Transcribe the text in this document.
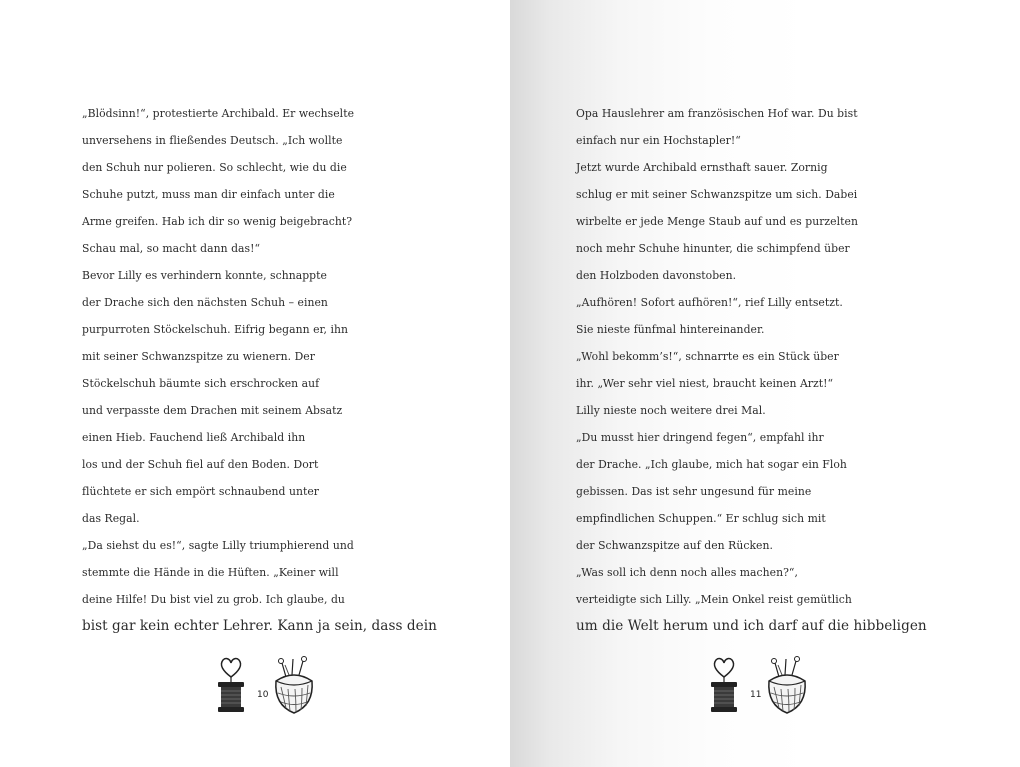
„Blödsinn!“, protestierte Archibald. Er wechselte
unversehens in fließendes Deutsch. „Ich wollte
den Schuh nur polieren. So schlecht, wie du die
Schuhe putzt, muss man dir einfach unter die
Arme greifen. Hab ich dir so wenig beigebracht?
Schau mal, so macht dann das!“
Bevor Lilly es verhindern konnte, schnappte
der Drache sich den nächsten Schuh – einen
purpurroten Stöckelschuh. Eifrig begann er, ihn
mit seiner Schwanzspitze zu wienern. Der
Stöckelschuh bäumte sich erschrocken auf
und verpasste dem Drachen mit seinem Absatz
einen Hieb. Fauchend ließ Archibald ihn
los und der Schuh fiel auf den Boden. Dort
flüchtete er sich empört schnaubend unter
das Regal.
„Da siehst du es!“, sagte Lilly triumphierend und
stemmte die Hände in die Hüften. „Keiner will
deine Hilfe! Du bist viel zu grob. Ich glaube, du
bist gar kein echter Lehrer. Kann ja sein, dass dein
10
Opa Hauslehrer am französischen Hof war. Du bist
einfach nur ein Hochstapler!“
Jetzt wurde Archibald ernsthaft sauer. Zornig
schlug er mit seiner Schwanzspitze um sich. Dabei
wirbelte er jede Menge Staub auf und es purzelten
noch mehr Schuhe hinunter, die schimpfend über
den Holzboden davonstoben.
„Aufhören! Sofort aufhören!“, rief Lilly entsetzt.
Sie nieste fünfmal hintereinander.
„Wohl bekomm’s!“, schnarrte es ein Stück über
ihr. „Wer sehr viel niest, braucht keinen Arzt!“
Lilly nieste noch weitere drei Mal.
„Du musst hier dringend fegen“, empfahl ihr
der Drache. „Ich glaube, mich hat sogar ein Floh
gebissen. Das ist sehr ungesund für meine
empfindlichen Schuppen.“ Er schlug sich mit
der Schwanzspitze auf den Rücken.
„Was soll ich denn noch alles machen?“,
verteidigte sich Lilly. „Mein Onkel reist gemütlich
um die Welt herum und ich darf auf die hibbeligen
11
